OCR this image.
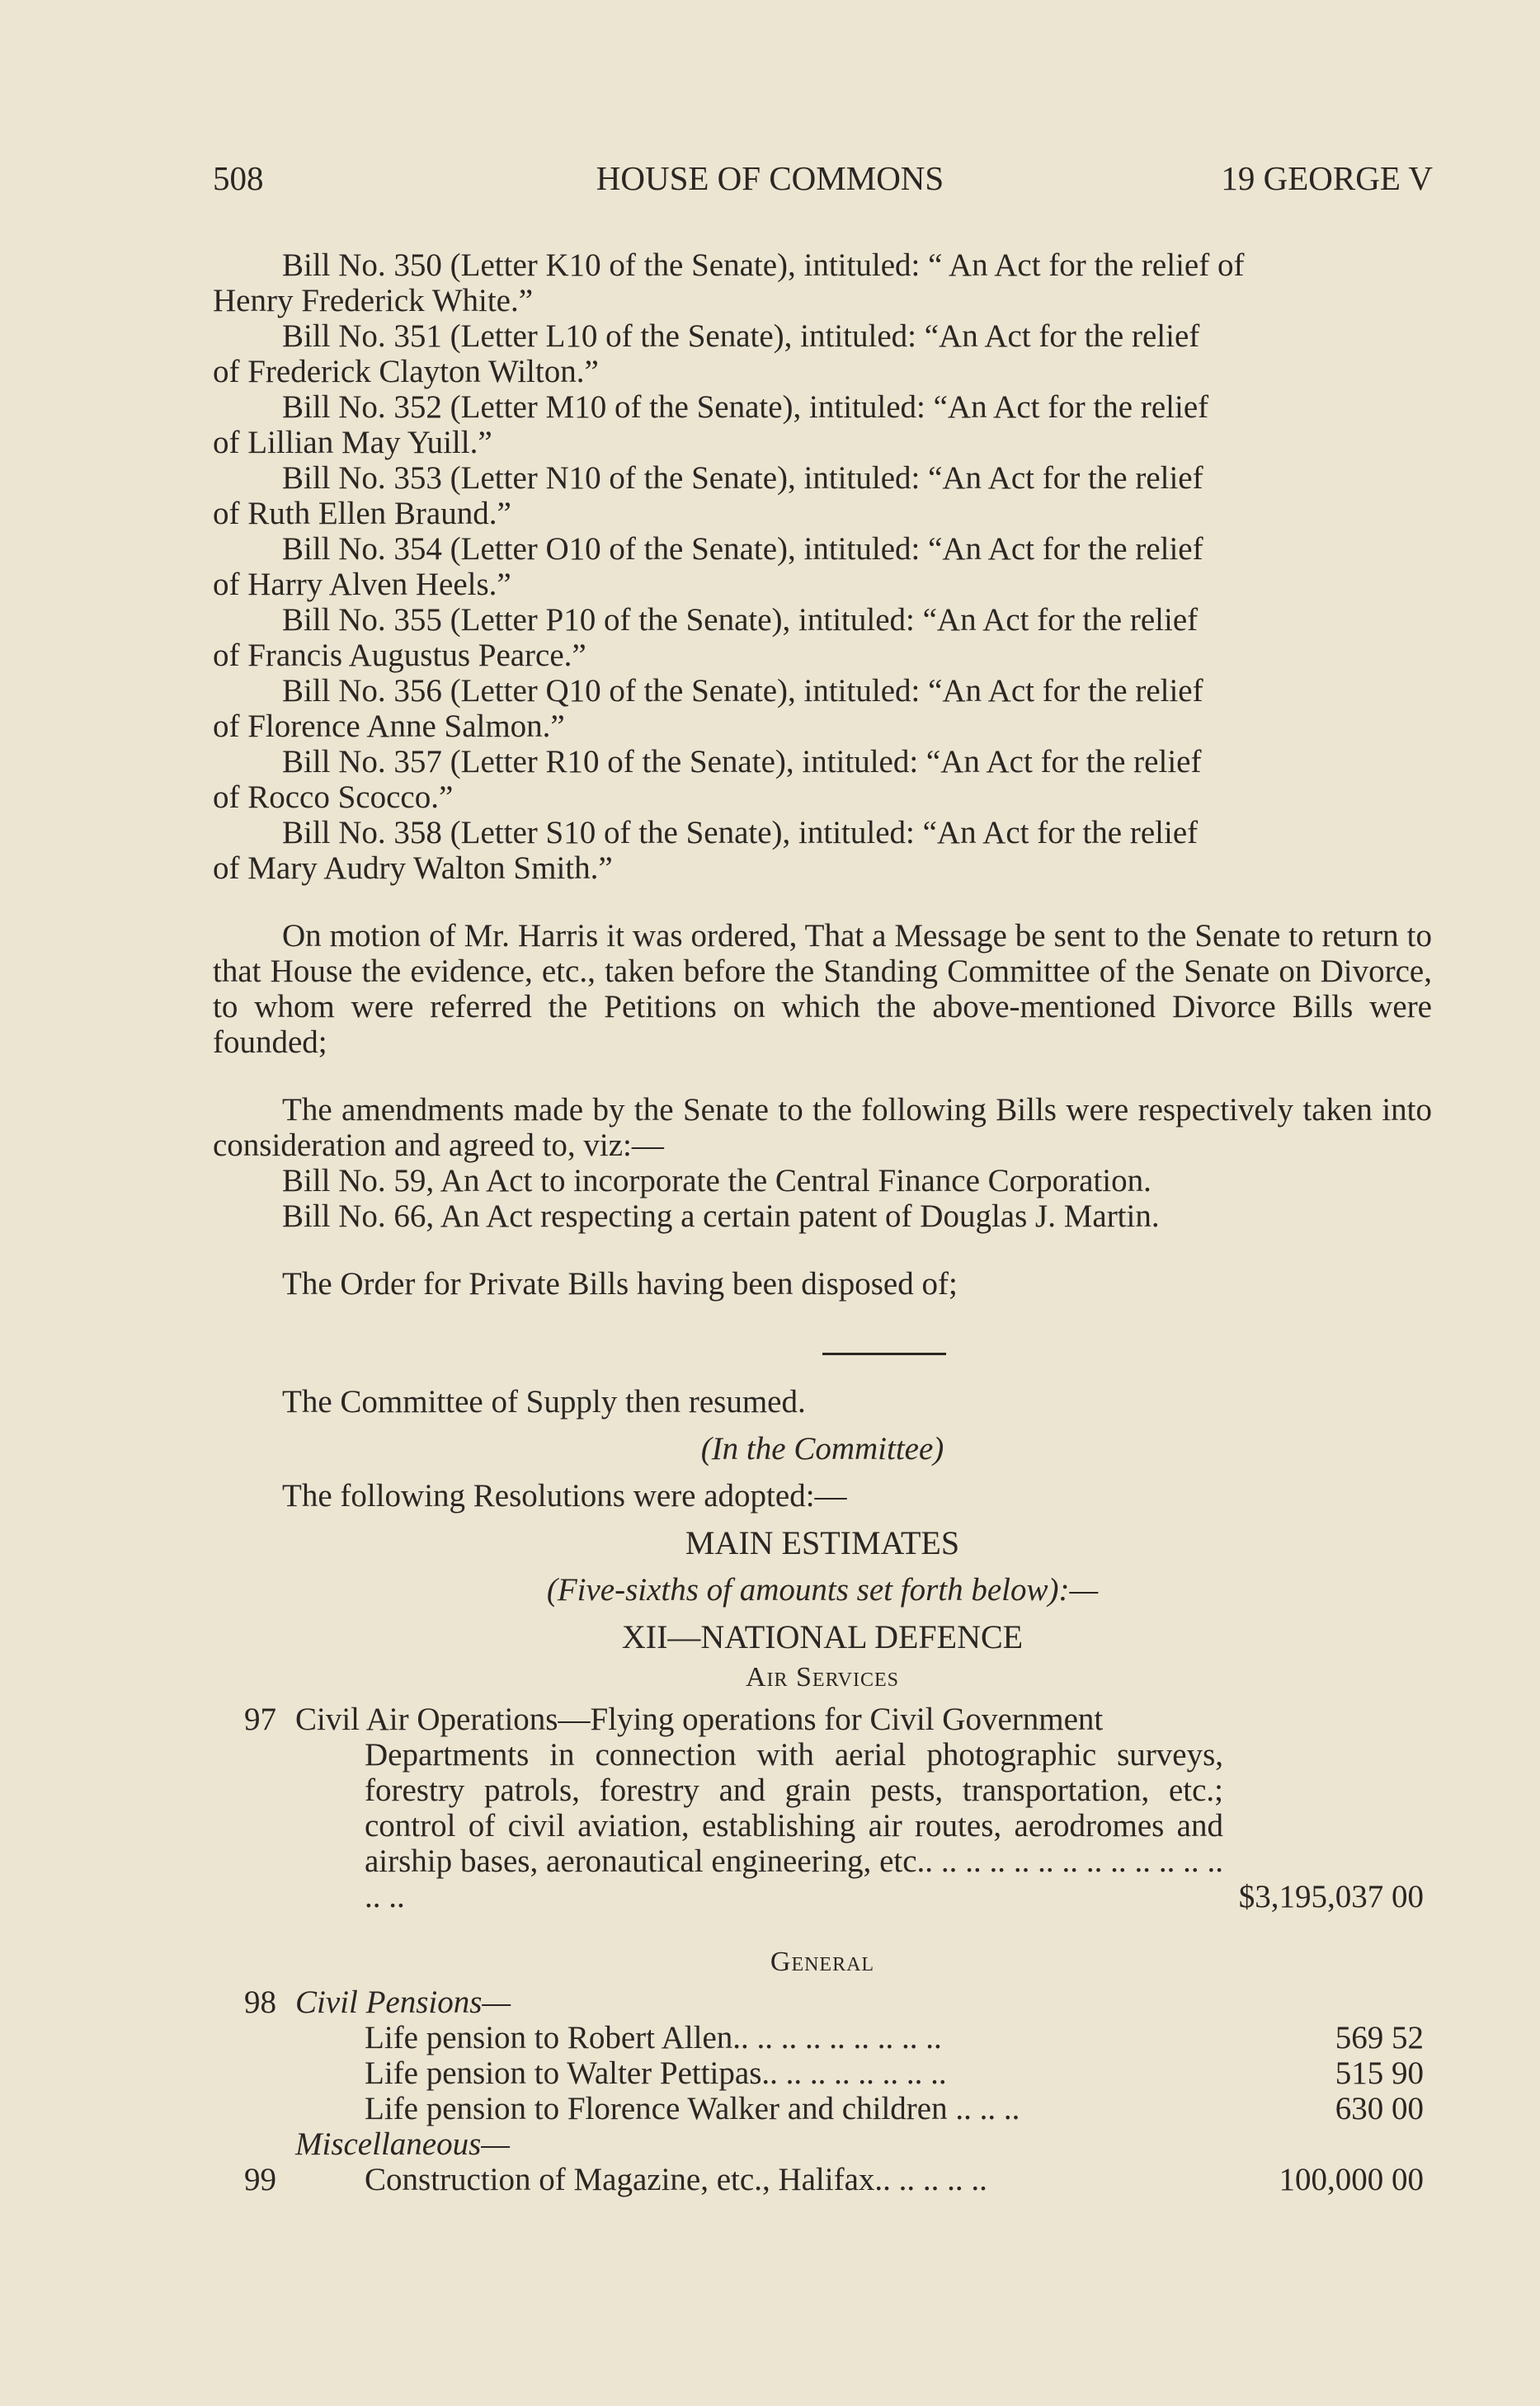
508	HOUSE OF COMMONS	19 GEORGE V
Bill No. 350 (Letter K10 of the Senate), intituled: “ An Act for the relief of
Henry Frederick White.”
Bill No. 351 (Letter L10 of the Senate), intituled: “An Act for the relief
of Frederick Clayton Wilton.”
Bill No. 352 (Letter M10 of the Senate), intituled: “An Act for the relief
of Lillian May Yuill.”
Bill No. 353 (Letter N10 of the Senate), intituled: “An Act for the relief
of Ruth Ellen Braund.”
Bill No. 354 (Letter O10 of the Senate), intituled: “An Act for the relief
of Harry Alven Heels.”
Bill No. 355 (Letter P10 of the Senate), intituled: “An Act for the relief
of Francis Augustus Pearce.”
Bill No. 356 (Letter Q10 of the Senate), intituled: “An Act for the relief
of Florence Anne Salmon.”
Bill No. 357 (Letter R10 of the Senate), intituled: “An Act for the relief
of Rocco Scocco.”
Bill No. 358 (Letter S10 of the Senate), intituled: “An Act for the relief
of Mary Audry Walton Smith.”

On motion of Mr. Harris it was ordered, That a Message be sent to the Senate to return to that House the evidence, etc., taken before the Standing Committee of the Senate on Divorce, to whom were referred the Petitions on which the above-mentioned Divorce Bills were founded;

The amendments made by the Senate to the following Bills were respectively taken into consideration and agreed to, viz:—

Bill No. 59, An Act to incorporate the Central Finance Corporation.
Bill No. 66, An Act respecting a certain patent of Douglas J. Martin.
The Order for Private Bills having been disposed of;
The Committee of Supply then resumed.
(In the Committee)
The following Resolutions were adopted:—
MAIN ESTIMATES
(Five-sixths of amounts set forth below):—
XII—NATIONAL DEFENCE
Air Services
97 Civil Air Operations—Flying operations for Civil Government
Departments in connection with aerial photographic surveys, forestry patrols, forestry and grain pests, transportation, etc.; control of civil aviation, establishing air routes, aerodromes and airship bases, aeronautical engineering, etc.. .. .. .. .. .. .. .. .. .. .. .. .. .. ..	$3,195,037 00
General
98 Civil Pensions—
Life pension to Robert Allen.. .. .. .. .. .. .. .. ..	569 52
Life pension to Walter Pettipas.. .. .. .. .. .. .. ..	515 90
Life pension to Florence Walker and children .. .. ..	630 00
Miscellaneous—
99	Construction of Magazine, etc., Halifax.. .. .. .. ..	100,000 00
